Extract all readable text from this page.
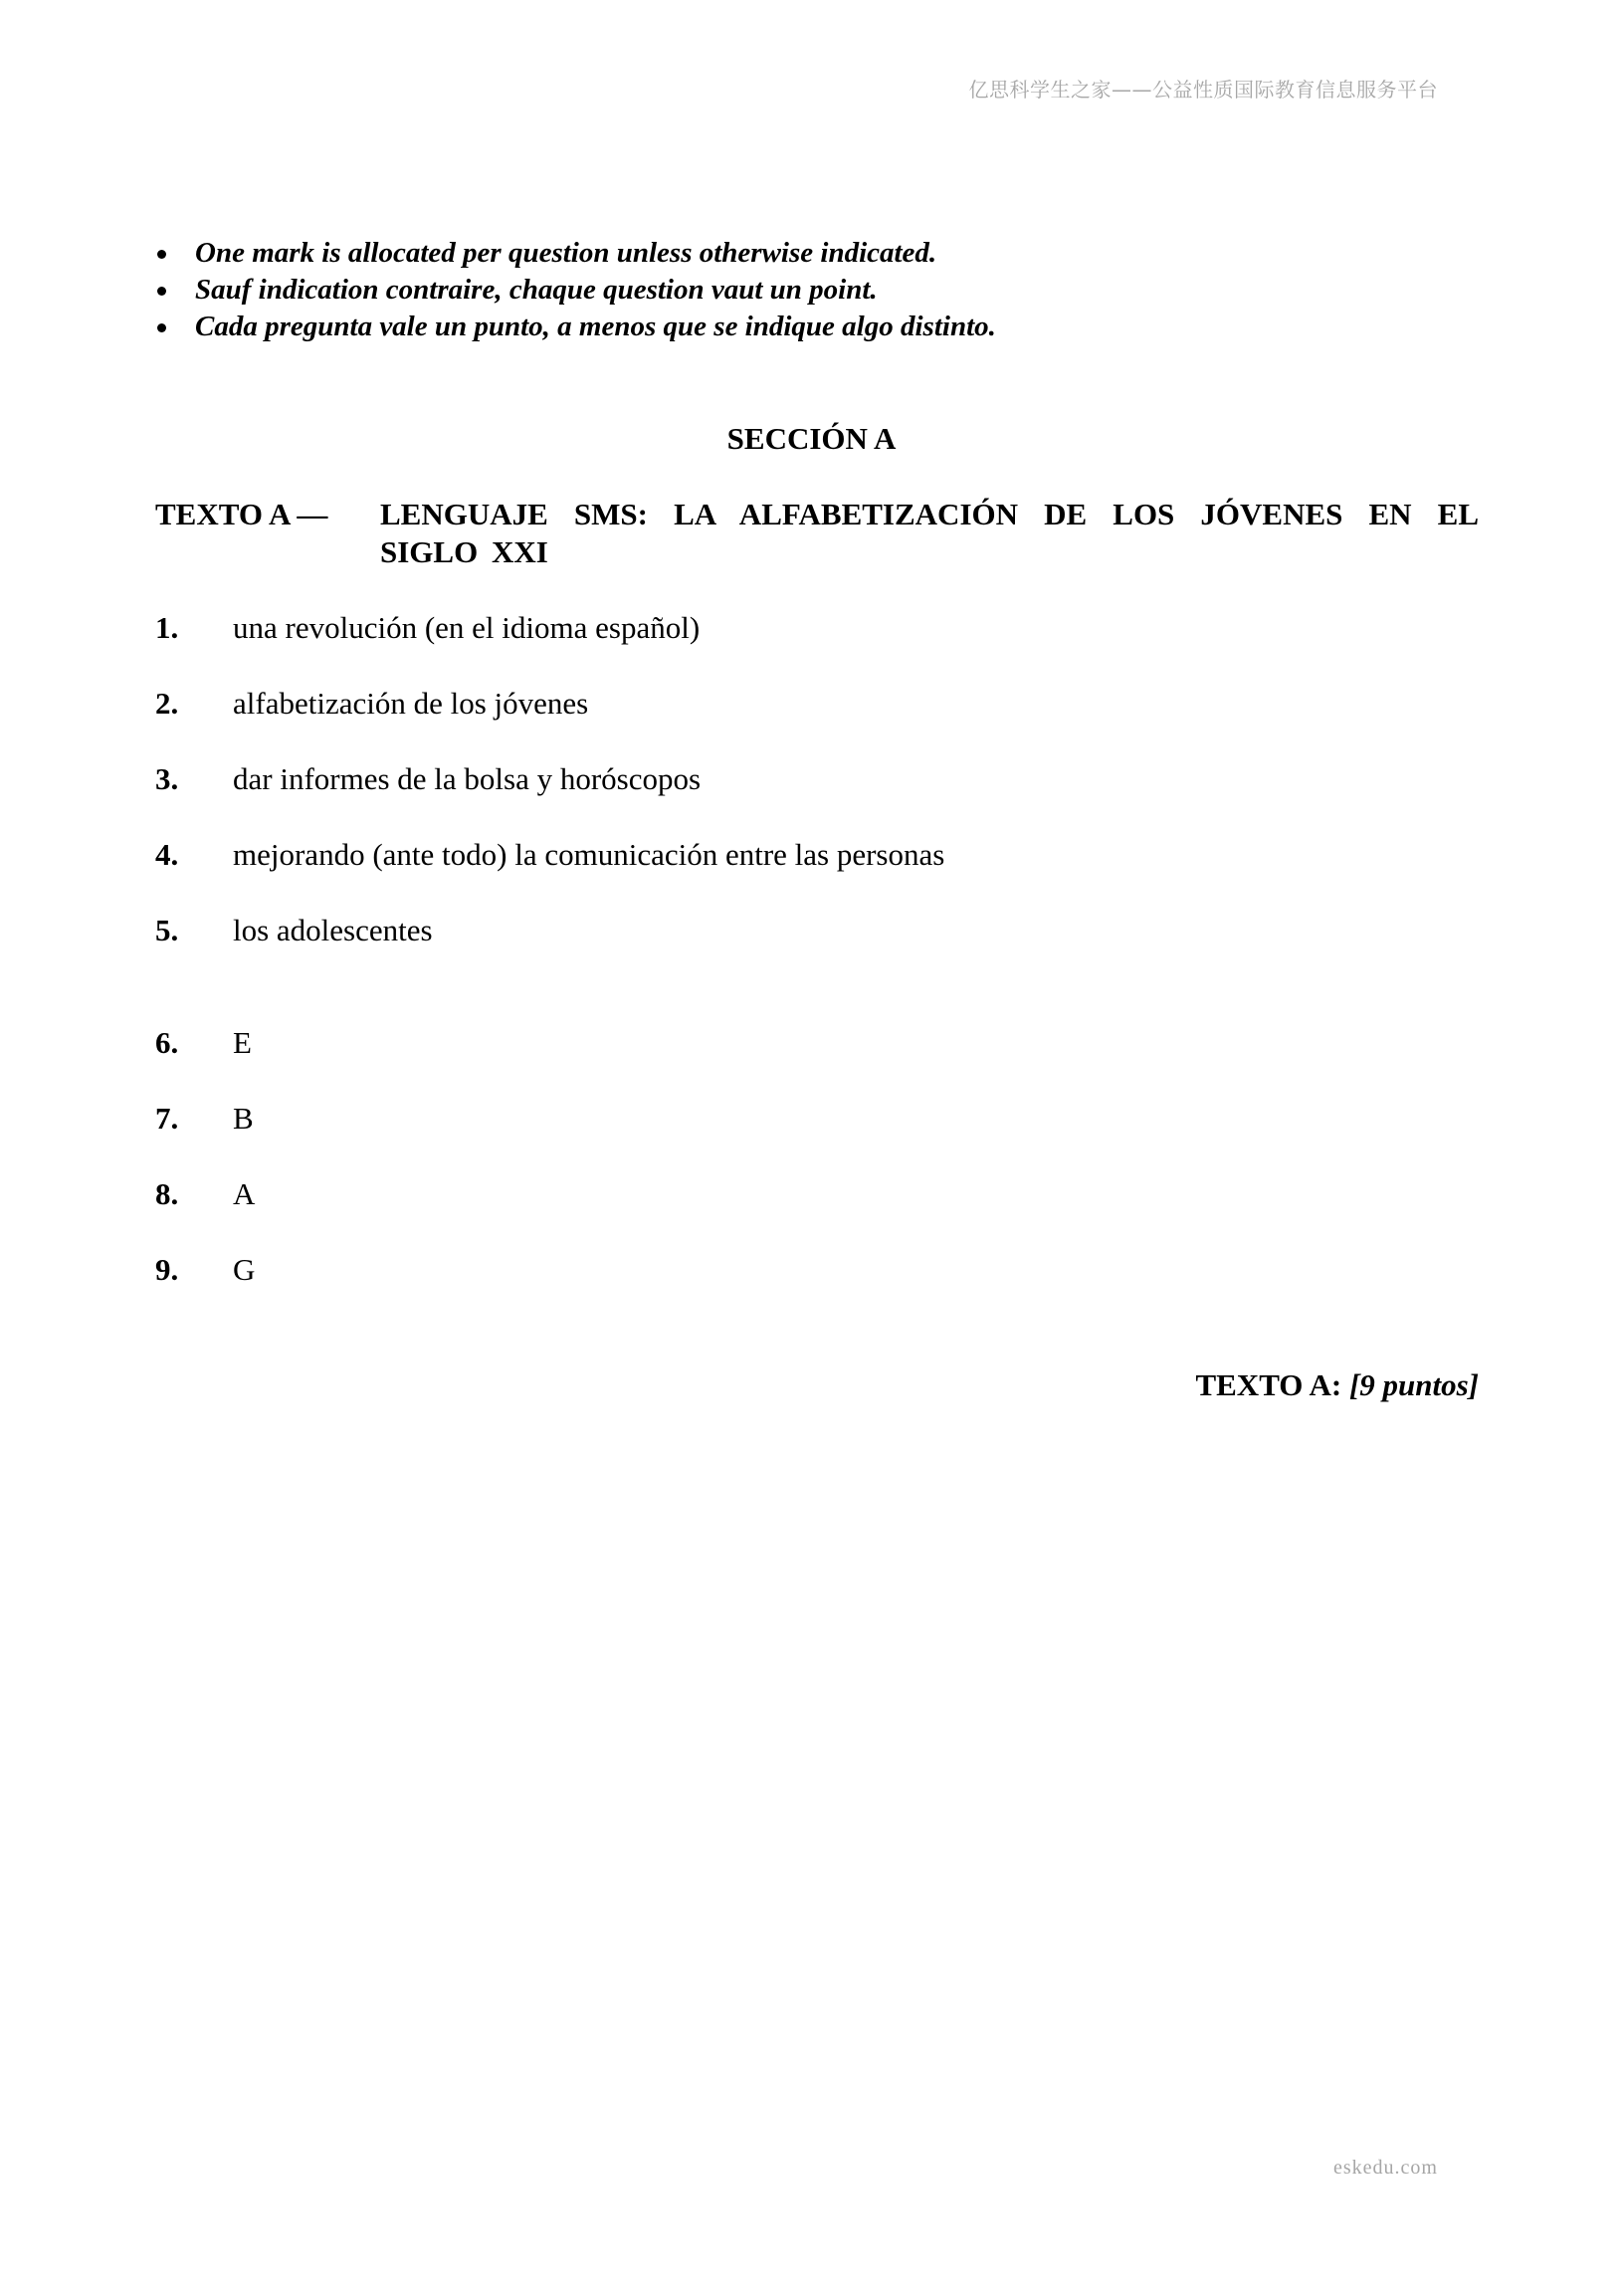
亿思科学生之家——公益性质国际教育信息服务平台
One mark is allocated per question unless otherwise indicated.
Sauf indication contraire, chaque question vaut un point.
Cada pregunta vale un punto, a menos que se indique algo distinto.
SECCIÓN A
TEXTO A — LENGUAJE SMS: LA ALFABETIZACIÓN DE LOS JÓVENES EN EL SIGLO XXI
1. una revolución (en el idioma español)
2. alfabetización de los jóvenes
3. dar informes de la bolsa y horóscopos
4. mejorando (ante todo) la comunicación entre las personas
5. los adolescentes
6. E
7. B
8. A
9. G
TEXTO A: [9 puntos]
eskedu.com
